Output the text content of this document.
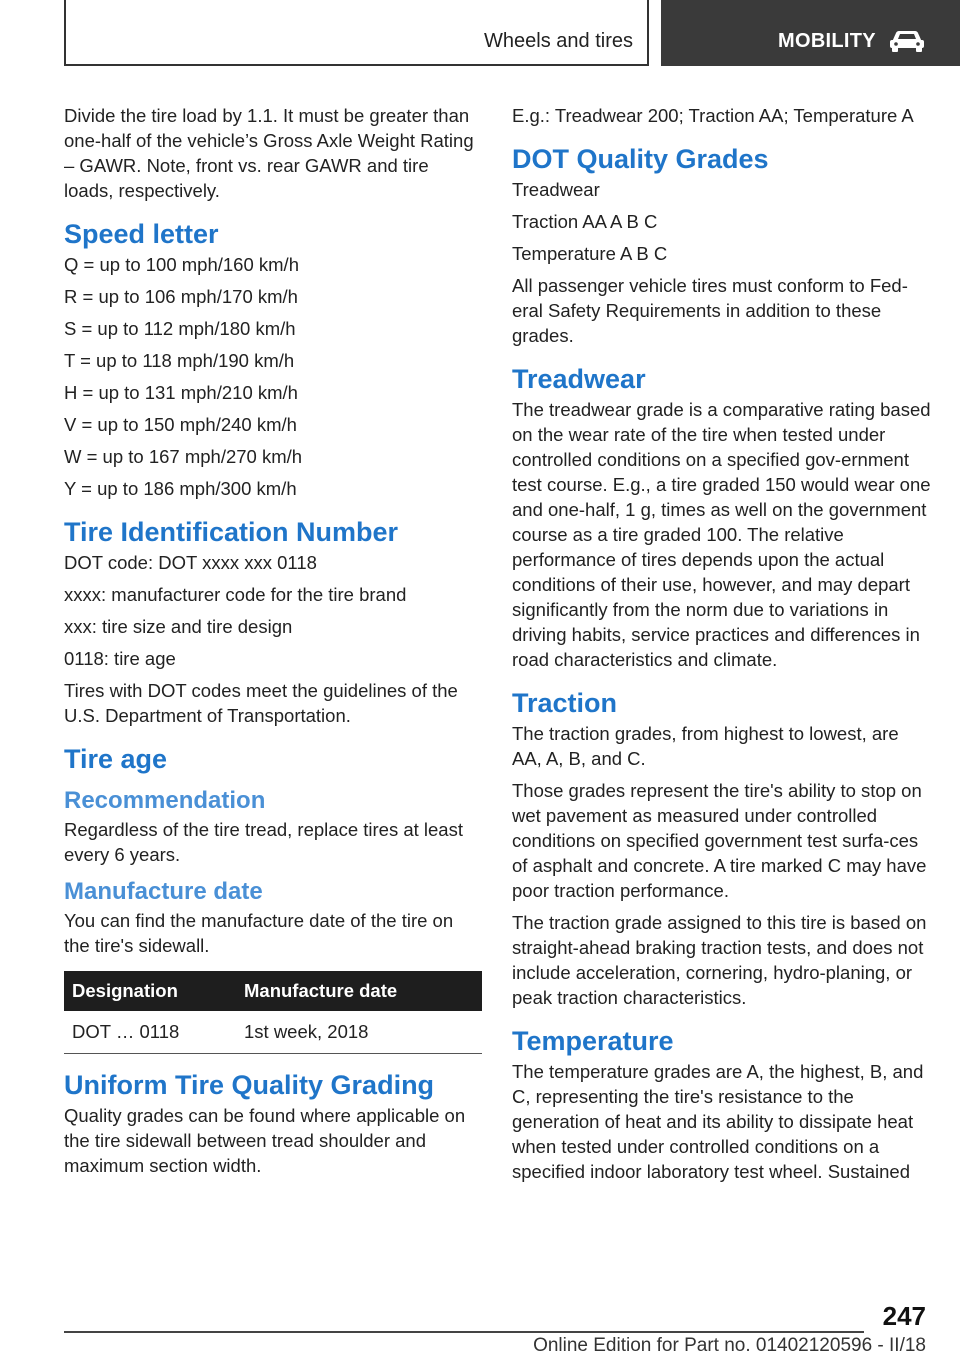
Wheels and tires	MOBILITY

Divide the tire load by 1.1. It must be greater than one-half of the vehicle’s Gross Axle Weight Rating – GAWR. Note, front vs. rear GAWR and tire loads, respectively.

Speed letter

Q = up to 100 mph/160 km/h

R = up to 106 mph/170 km/h

S = up to 112 mph/180 km/h

T = up to 118 mph/190 km/h

H = up to 131 mph/210 km/h

V = up to 150 mph/240 km/h

W = up to 167 mph/270 km/h

Y = up to 186 mph/300 km/h

Tire Identification Number

DOT code: DOT xxxx xxx 0118

xxxx: manufacturer code for the tire brand

xxx: tire size and tire design

0118: tire age

Tires with DOT codes meet the guidelines of the U.S. Department of Transportation.

Tire age
Recommendation

Regardless of the tire tread, replace tires at least every 6 years.

Manufacture date

You can find the manufacture date of the tire on the tire's sidewall.

Designation	Manufacture date
DOT … 0118	1st week, 2018
Uniform Tire Quality Grading

Quality grades can be found where applicable on the tire sidewall between tread shoulder and maximum section width.

E.g.: Treadwear 200; Traction AA; Temperature A

DOT Quality Grades

Treadwear

Traction AA A B C

Temperature A B C

All passenger vehicle tires must conform to Fed‐eral Safety Requirements in addition to these grades.

Treadwear

The treadwear grade is a comparative rating based on the wear rate of the tire when tested under controlled conditions on a specified gov‐ernment test course. E.g., a tire graded 150 would wear one and one-half, 1 g, times as well on the government course as a tire graded 100. The relative performance of tires depends upon the actual conditions of their use, however, and may depart significantly from the norm due to variations in driving habits, service practices and differences in road characteristics and climate.

Traction

The traction grades, from highest to lowest, are AA, A, B, and C.

Those grades represent the tire's ability to stop on wet pavement as measured under controlled conditions on specified government test surfa‐ces of asphalt and concrete. A tire marked C may have poor traction performance.

The traction grade assigned to this tire is based on straight-ahead braking traction tests, and does not include acceleration, cornering, hydro‐planing, or peak traction characteristics.

Temperature

The temperature grades are A, the highest, B, and C, representing the tire's resistance to the generation of heat and its ability to dissipate heat when tested under controlled conditions on a specified indoor laboratory test wheel. Sustained

247
Online Edition for Part no. 01402120596 - II/18
